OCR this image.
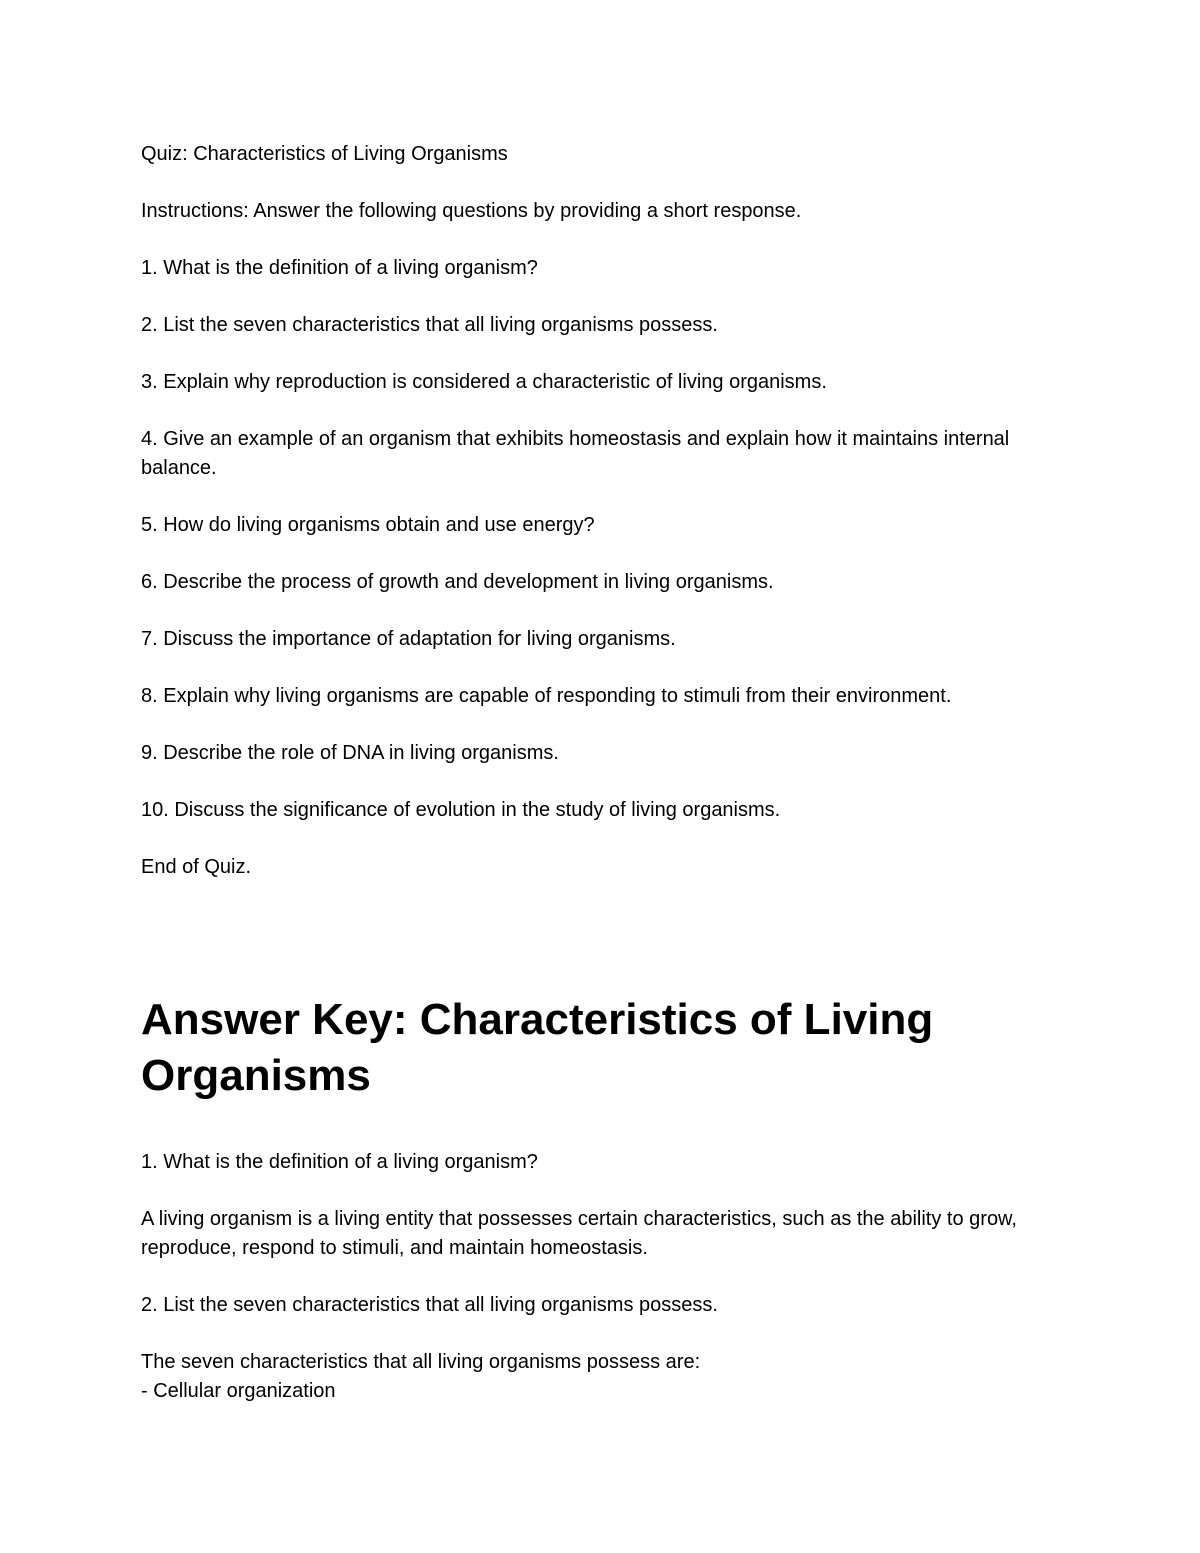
Quiz: Characteristics of Living Organisms

Instructions: Answer the following questions by providing a short response.

1. What is the definition of a living organism?

2. List the seven characteristics that all living organisms possess.

3. Explain why reproduction is considered a characteristic of living organisms.

4. Give an example of an organism that exhibits homeostasis and explain how it maintains internal balance.

5. How do living organisms obtain and use energy?

6. Describe the process of growth and development in living organisms.

7. Discuss the importance of adaptation for living organisms.

8. Explain why living organisms are capable of responding to stimuli from their environment.

9. Describe the role of DNA in living organisms.

10. Discuss the significance of evolution in the study of living organisms.

End of Quiz.

Answer Key: Characteristics of Living Organisms

1. What is the definition of a living organism?

A living organism is a living entity that possesses certain characteristics, such as the ability to grow, reproduce, respond to stimuli, and maintain homeostasis.

2. List the seven characteristics that all living organisms possess.

The seven characteristics that all living organisms possess are:

- Cellular organization
